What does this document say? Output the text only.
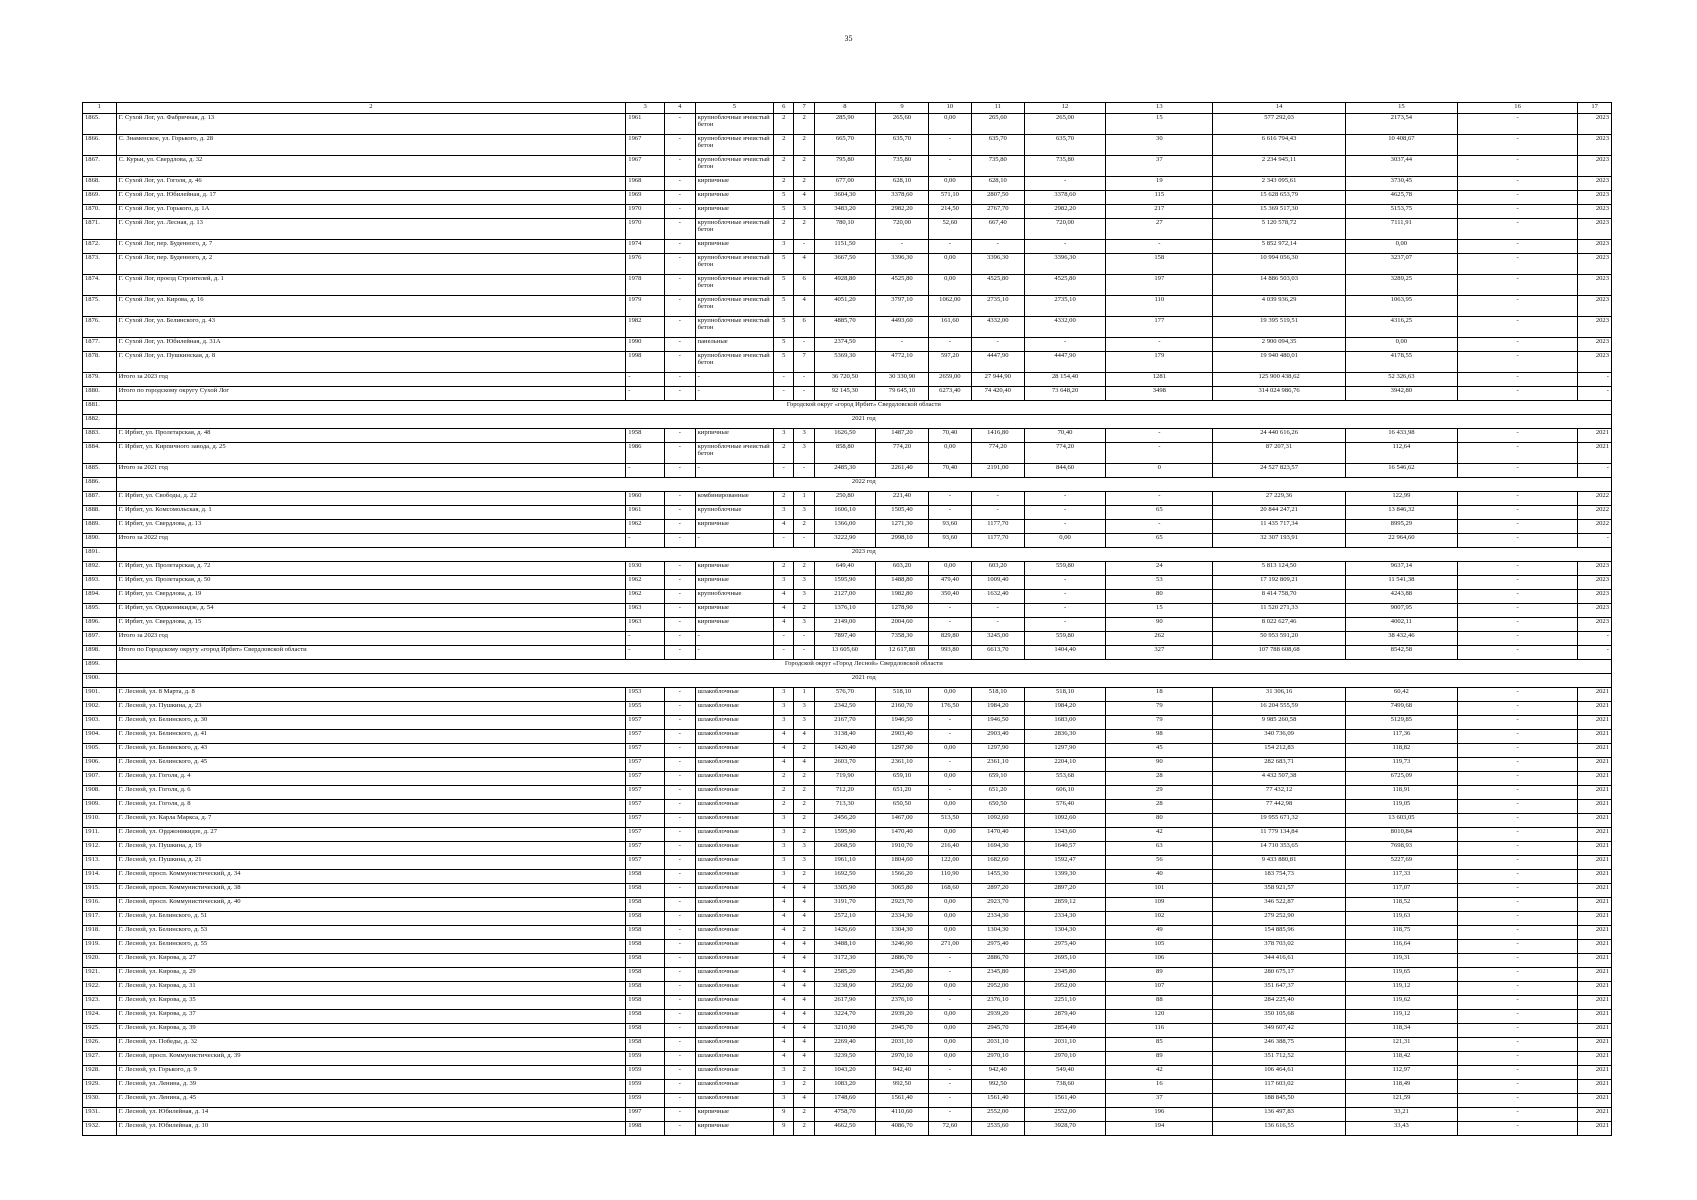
35
1	2	3	4	5	6	7	8	9	10	11	12	13	14	15	16	17
1865.	Г. Сухой Лог, ул. Фабричная, д. 13	1961	-	крупноблочные ячеистый бетон	2	2	285,90	265,60	0,00	265,60	265,00	15	577 292,03	2173,54	-	2023
1866.	С. Знаменское, ул. Горького, д. 28	1967	-	крупноблочные ячеистый бетон	2	2	665,70	635,70	-	635,70	635,70	30	6 616 794,43	10 408,67	-	2023
1867.	С. Курьи, ул. Свердлова, д. 32	1967	-	крупноблочные ячеистый бетон	2	2	795,80	735,80	-	735,80	735,80	37	2 234 945,11	3037,44	-	2023
1868.	Г. Сухой Лог, ул. Гоголя, д. 46	1968	-	кирпичные	2	2	677,00	628,10	0,00	628,10	-	19	2 343 095,61	3730,45	-	2023
1869.	Г. Сухой Лог, ул. Юбилейная, д. 17	1969	-	кирпичные	5	4	3604,30	3378,60	571,10	2807,50	3378,60	115	15 628 653,79	4625,78	-	2023
1870.	Г. Сухой Лог, ул. Горького, д. 1А	1970	-	кирпичные	5	3	3483,20	2982,20	214,50	2767,70	2982,20	217	15 369 517,30	5153,75	-	2023
1871.	Г. Сухой Лог, ул. Лесная, д. 13	1970	-	крупноблочные ячеистый бетон	2	2	780,10	720,00	52,60	667,40	720,00	27	5 120 578,72	7111,91	-	2023
1872.	Г. Сухой Лог, пер. Буденного, д. 7	1974	-	кирпичные	3	-	1151,50	-	-	-	-	-	5 852 972,14	0,00	-	2023
1873.	Г. Сухой Лог, пер. Буденного, д. 2	1976	-	крупноблочные ячеистый бетон	5	4	3667,50	3396,30	0,00	3396,30	3396,30	158	10 994 056,30	3237,07	-	2023
1874.	Г. Сухой Лог, проезд Строителей, д. 1	1978	-	крупноблочные ячеистый бетон	5	6	4928,80	4525,80	0,00	4525,80	4525,80	197	14 886 503,03	3289,25	-	2023
1875.	Г. Сухой Лог, ул. Кирова, д. 16	1979	-	крупноблочные ячеистый бетон	5	4	4051,20	3797,10	1062,00	2735,10	2735,10	110	4 039 936,29	1063,95	-	2023
1876.	Г. Сухой Лог, ул. Белинского, д. 43	1982	-	крупноблочные ячеистый бетон	5	6	4885,70	4493,60	161,60	4332,00	4332,00	177	19 395 519,51	4316,25	-	2023
1877.	Г. Сухой Лог, ул. Юбилейная, д. 31А	1990	-	панельные	5	-	2374,50	-	-	-	-	-	2 900 094,35	0,00	-	2023
1878.	Г. Сухой Лог, ул. Пушкинская, д. 8	1998	-	крупноблочные ячеистый бетон	5	7	5369,30	4772,10	597,20	4447,90	4447,90	179	19 940 480,01	4178,55	-	2023
1879.	Итого за 2023 год	-	-	-	-	-	36 720,50	30 330,90	2659,00	27 944,90	28 154,40	1281	125 900 438,62	52 326,63	-	-
1880.	Итого по городскому округу Сухой Лог	-	-	-	-	-	92 145,30	79 645,10	6273,40	74 420,40	73 648,20	3498	314 024 986,76	3942,80	-	-
1881.	Городской округ «город Ирбит» Свердловской области															
1882.	2021 год															
1883.	Г. Ирбит, ул. Пролетарская, д. 48	1958	-	кирпичные	3	3	1626,50	1487,20	70,40	1416,80	70,40	-	24 440 616,26	16 433,98	-	2021
1884.	Г. Ирбит, ул. Кирпичного завода, д. 25	1986	-	крупноблочные ячеистый бетон	2	3	858,80	774,20	0,00	774,20	774,20	-	87 207,31	112,64	-	2021
1885.	Итого за 2021 год	-	-	-	-	-	2485,30	2261,40	70,40	2191,00	844,60	0	24 527 823,57	16 546,62	-	-
1886.	2022 год															
1887.	Г. Ирбит, ул. Свободы, д. 22	1960	-	комбинированные	2	1	250,80	221,40	-	-	-	-	27 229,36	122,99	-	2022
1888.	Г. Ирбит, ул. Комсомольская, д. 1	1961	-	крупноблочные	3	3	1606,10	1505,40	-	-	-	65	20 844 247,21	13 846,32	-	2022
1889.	Г. Ирбит, ул. Свердлова, д. 13	1962	-	кирпичные	4	2	1366,00	1271,30	93,60	1177,70	-	-	11 435 717,34	8995,29	-	2022
1890.	Итого за 2022 год	-	-	-	-	-	3222,90	2998,10	93,60	1177,70	0,00	65	32 307 193,91	22 964,60	-	-
1891.	2023 год															
1892.	Г. Ирбит, ул. Пролетарская, д. 72	1930	-	кирпичные	2	2	649,40	603,20	0,00	603,20	559,80	24	5 813 124,50	9637,14	-	2023
1893.	Г. Ирбит, ул. Пролетарская, д. 50	1962	-	кирпичные	3	3	1595,90	1488,80	479,40	1009,40	-	53	17 192 809,21	11 541,38	-	2023
1894.	Г. Ирбит, ул. Свердлова, д. 19	1962	-	крупноблочные	4	3	2127,00	1982,80	350,40	1632,40	-	80	8 414 758,70	4243,88	-	2023
1895.	Г. Ирбит, ул. Орджоникидзе, д. 54	1963	-	кирпичные	4	2	1376,10	1278,90	-	-	-	15	11 520 271,33	9007,95	-	2023
1896.	Г. Ирбит, ул. Свердлова, д. 15	1963	-	кирпичные	4	3	2149,00	2004,60	-	-	-	90	8 022 627,46	4002,11	-	2023
1897.	Итого за 2023 год	-	-	-	-	-	7897,40	7358,30	829,80	3245,00	559,80	262	50 953 591,20	38 432,46	-	-
1898.	Итого по Городскому округу «город Ирбит» Свердловской области	-	-	-	-	-	13 605,60	12 617,80	993,80	6613,70	1404,40	327	107 788 608,68	8542,58	-	-
1899.	Городской округ «Город Лесной» Свердловской области															
1900.	2021 год															
1901.	Г. Лесной, ул. 8 Марта, д. 8	1953	-	шлакоблочные	3	1	576,70	518,10	0,00	518,10	518,10	18	31 306,16	60,42	-	2021
1902.	Г. Лесной, ул. Пушкина, д. 23	1955	-	шлакоблочные	3	3	2342,50	2160,70	176,50	1984,20	1984,20	79	16 204 555,59	7499,68	-	2021
1903.	Г. Лесной, ул. Белинского, д. 30	1957	-	шлакоблочные	3	3	2167,70	1946,50	-	1946,50	1683,00	79	9 985 260,58	5129,85	-	2021
1904.	Г. Лесной, ул. Белинского, д. 41	1957	-	шлакоблочные	4	4	3138,40	2903,40	-	2903,40	2836,30	98	340 736,09	117,36	-	2021
1905.	Г. Лесной, ул. Белинского, д. 43	1957	-	шлакоблочные	4	2	1420,40	1297,90	0,00	1297,90	1297,90	45	154 212,83	118,82	-	2021
1906.	Г. Лесной, ул. Белинского, д. 45	1957	-	шлакоблочные	4	4	2603,70	2361,10	-	2361,10	2204,10	90	282 683,71	119,73	-	2021
1907.	Г. Лесной, ул. Гоголя, д. 4	1957	-	шлакоблочные	2	2	719,90	659,10	0,00	659,10	553,68	28	4 432 507,38	6725,09	-	2021
1908.	Г. Лесной, ул. Гоголя, д. 6	1957	-	шлакоблочные	2	2	712,20	651,20	-	651,20	606,10	29	77 432,12	118,91	-	2021
1909.	Г. Лесной, ул. Гоголя, д. 8	1957	-	шлакоблочные	2	2	713,30	650,50	0,00	650,50	576,40	28	77 442,98	119,05	-	2021
1910.	Г. Лесной, ул. Карла Маркса, д. 7	1957	-	шлакоблочные	3	2	2456,20	1467,00	513,50	1092,60	1092,60	80	19 955 671,32	13 603,05	-	2021
1911.	Г. Лесной, ул. Орджоникидзе, д. 27	1957	-	шлакоблочные	3	2	1595,90	1470,40	0,00	1470,40	1343,60	42	11 779 134,84	8010,84	-	2021
1912.	Г. Лесной, ул. Пушкина, д. 19	1957	-	шлакоблочные	3	3	2068,50	1910,70	216,40	1694,30	1640,57	63	14 710 353,65	7698,93	-	2021
1913.	Г. Лесной, ул. Пушкина, д. 21	1957	-	шлакоблочные	3	3	1961,10	1804,60	122,00	1682,60	1592,47	56	9 433 880,81	5227,69	-	2021
1914.	Г. Лесной, просп. Коммунистический, д. 34	1958	-	шлакоблочные	3	2	1692,50	1566,20	110,90	1455,30	1399,30	40	183 754,73	117,33	-	2021
1915.	Г. Лесной, просп. Коммунистический, д. 38	1958	-	шлакоблочные	4	4	3305,90	3065,80	168,60	2897,20	2897,20	101	358 921,57	117,07	-	2021
1916.	Г. Лесной, просп. Коммунистический, д. 40	1958	-	шлакоблочные	4	4	3191,70	2923,70	0,00	2923,70	2859,12	109	346 522,87	118,52	-	2021
1917.	Г. Лесной, ул. Белинского, д. 51	1958	-	шлакоблочные	4	4	2572,10	2334,30	0,00	2334,30	2334,30	102	279 252,90	119,63	-	2021
1918.	Г. Лесной, ул. Белинского, д. 53	1958	-	шлакоблочные	4	2	1426,60	1304,30	0,00	1304,30	1304,30	49	154 885,96	118,75	-	2021
1919.	Г. Лесной, ул. Белинского, д. 55	1958	-	шлакоблочные	4	4	3488,10	3246,90	271,00	2975,40	2975,40	105	378 703,02	116,64	-	2021
1920.	Г. Лесной, ул. Кирова, д. 27	1958	-	шлакоблочные	4	4	3172,30	2886,70	-	2886,70	2695,10	106	344 416,61	119,31	-	2021
1921.	Г. Лесной, ул. Кирова, д. 29	1958	-	шлакоблочные	4	4	2585,20	2345,80	-	2345,80	2345,80	89	280 675,17	119,65	-	2021
1922.	Г. Лесной, ул. Кирова, д. 31	1958	-	шлакоблочные	4	4	3238,90	2952,00	0,00	2952,00	2952,00	107	351 647,37	119,12	-	2021
1923.	Г. Лесной, ул. Кирова, д. 35	1958	-	шлакоблочные	4	4	2617,90	2376,10	-	2376,10	2251,10	88	284 225,40	119,62	-	2021
1924.	Г. Лесной, ул. Кирова, д. 37	1958	-	шлакоблочные	4	4	3224,70	2939,20	0,00	2939,20	2879,40	120	350 105,68	119,12	-	2021
1925.	Г. Лесной, ул. Кирова, д. 39	1958	-	шлакоблочные	4	4	3210,90	2945,70	0,00	2945,70	2854,49	116	349 607,42	118,34	-	2021
1926.	Г. Лесной, ул. Победы, д. 32	1958	-	шлакоблочные	4	4	2269,40	2031,10	0,00	2031,10	2031,10	85	246 388,75	121,31	-	2021
1927.	Г. Лесной, просп. Коммунистический, д. 39	1959	-	шлакоблочные	4	4	3239,50	2970,10	0,00	2970,10	2970,10	89	351 712,52	118,42	-	2021
1928.	Г. Лесной, ул. Горького, д. 9	1959	-	шлакоблочные	3	2	1043,20	942,40	-	942,40	549,40	42	106 464,61	112,97	-	2021
1929.	Г. Лесной, ул. Ленина, д. 39	1959	-	шлакоблочные	3	2	1083,20	992,50	-	992,50	738,60	16	117 603,02	118,49	-	2021
1930.	Г. Лесной, ул. Ленина, д. 45	1959	-	шлакоблочные	3	4	1748,60	1561,40	-	1561,40	1561,40	37	188 845,50	121,59	-	2021
1931.	Г. Лесной, ул. Юбилейная, д. 14	1997	-	кирпичные	9	2	4758,70	4110,60	-	2552,00	2552,00	196	136 497,83	33,21	-	2021
1932.	Г. Лесной, ул. Юбилейная, д. 10	1998	-	кирпичные	9	2	4662,50	4086,70	72,60	2535,60	3928,70	194	136 616,55	33,43	-	2021
